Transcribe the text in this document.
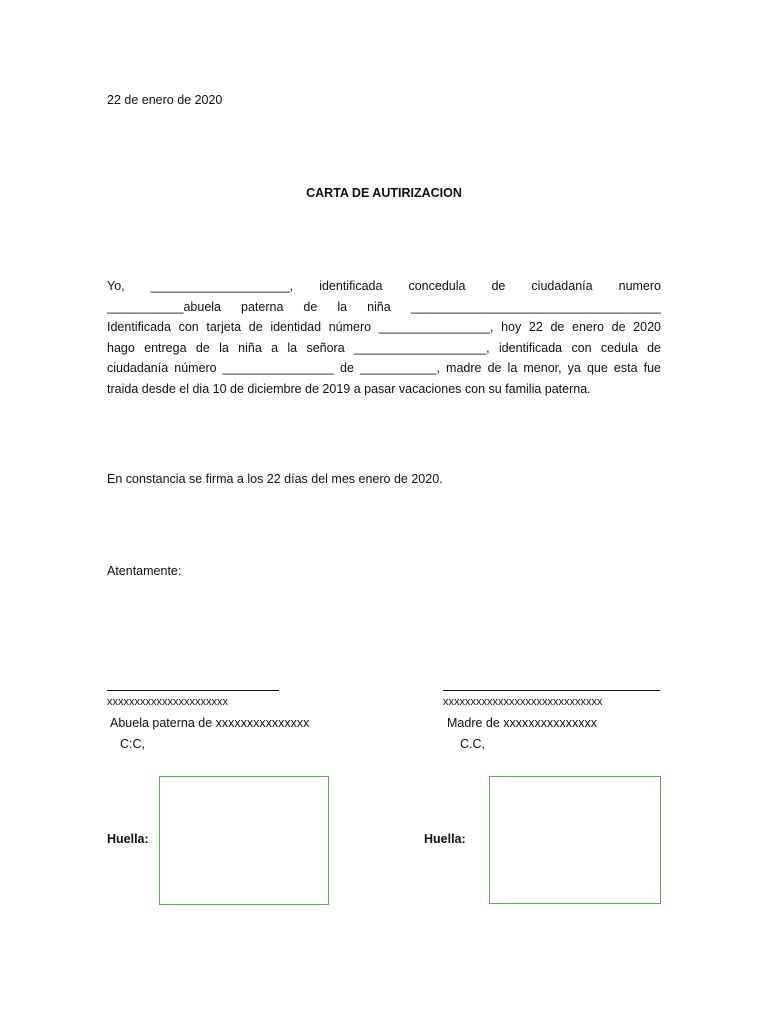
22 de enero de 2020
CARTA DE AUTIRIZACION
Yo, ____________________, identificada concedula de ciudadanía numero
___________abuela paterna de la niña ____________________________________
Identificada con tarjeta de identidad número ________________, hoy 22 de enero de 2020
hago entrega de la niña a la señora ___________________, identificada con cedula de
ciudadanía número ________________ de ___________, madre de la menor, ya que esta fue
traida desde el dia 10 de diciembre de 2019 a pasar vacaciones con su familia paterna.
En constancia se firma a los 22 días del mes enero de 2020.
Atentamente:
xxxxxxxxxxxxxxxxxxxxxx
Abuela paterna de xxxxxxxxxxxxxxx
C:C,
Huella:
xxxxxxxxxxxxxxxxxxxxxxxxxxxxx
Madre de xxxxxxxxxxxxxxx
C.C,
Huella:
